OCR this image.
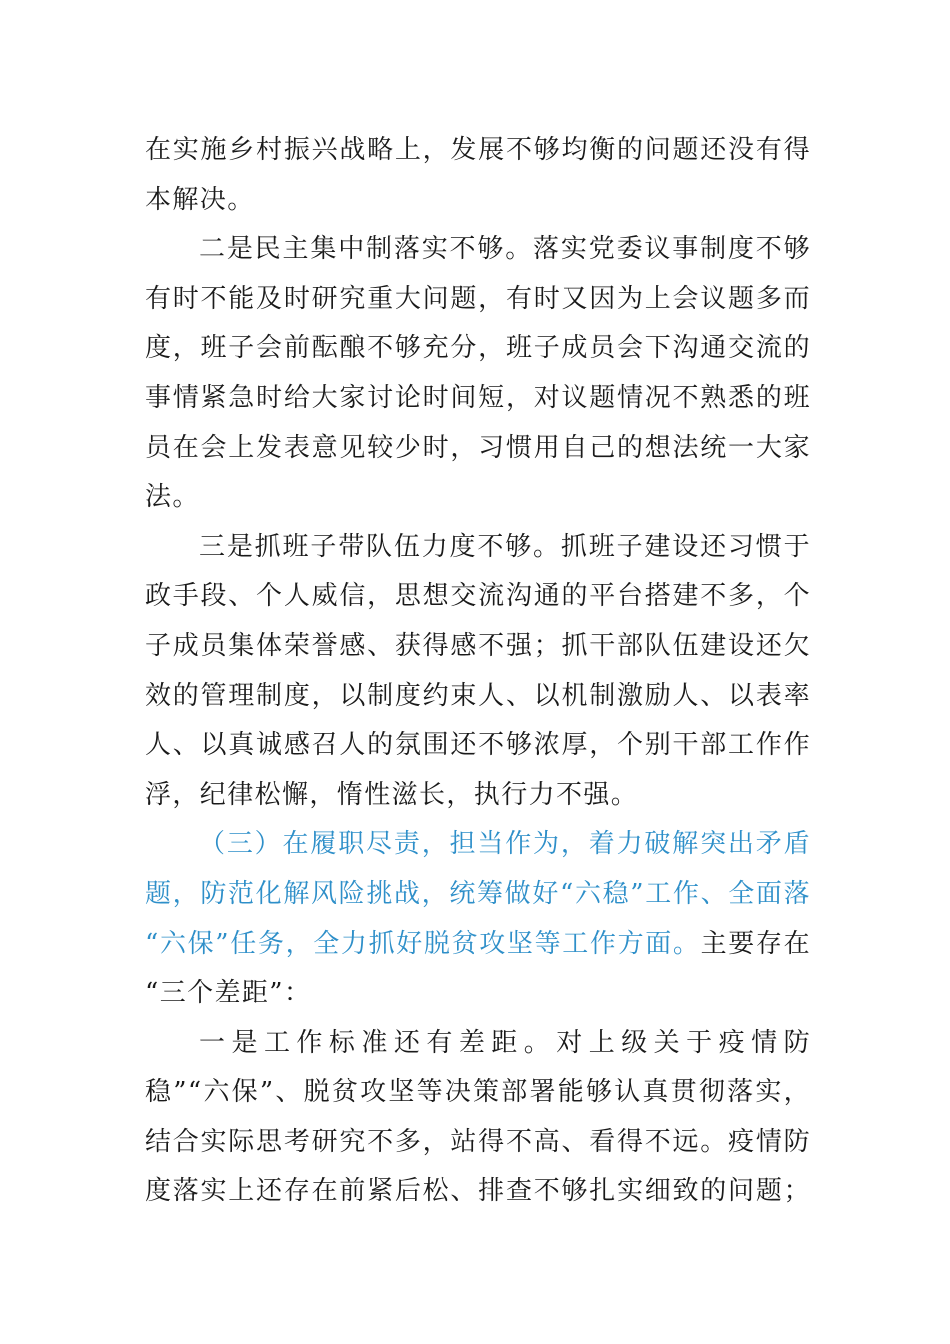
在实施乡村振兴战略上，发展不够均衡的问题还没有得
本解决。
二是民主集中制落实不够。落实党委议事制度不够
有时不能及时研究重大问题，有时又因为上会议题多而
度，班子会前酝酿不够充分，班子成员会下沟通交流的
事情紧急时给大家讨论时间短，对议题情况不熟悉的班
员在会上发表意见较少时，习惯用自己的想法统一大家
法。
三是抓班子带队伍力度不够。抓班子建设还习惯于
政手段、个人威信，思想交流沟通的平台搭建不多，个
子成员集体荣誉感、获得感不强；抓干部队伍建设还欠
效的管理制度，以制度约束人、以机制激励人、以表率
人、以真诚感召人的氛围还不够浓厚，个别干部工作作
浮，纪律松懈，惰性滋长，执行力不强。
（三）在履职尽责，担当作为，着力破解突出矛盾
题，防范化解风险挑战，统筹做好“六稳”工作、全面落
“六保”任务，全力抓好脱贫攻坚等工作方面。主要存在
“三个差距”：
一是工作标准还有差距。对上级关于疫情防
稳”“六保”、脱贫攻坚等决策部署能够认真贯彻落实，
结合实际思考研究不多，站得不高、看得不远。疫情防
度落实上还存在前紧后松、排查不够扎实细致的问题；
